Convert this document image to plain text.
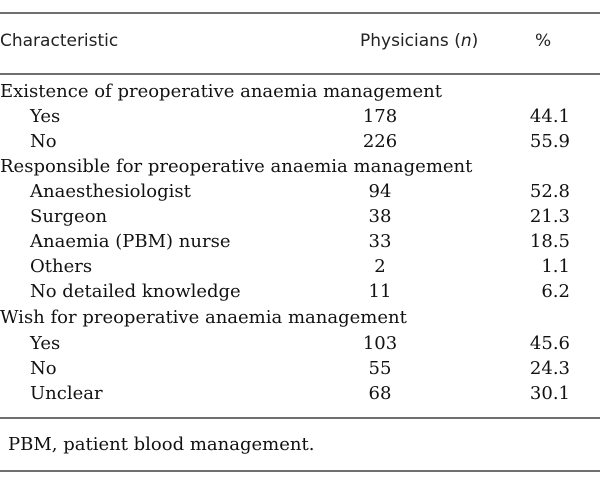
Characteristic	Physicians (n)	%
Existence of preoperative anaemia management
Yes	178	44.1
No	226	55.9
Responsible for preoperative anaemia management
Anaesthesiologist	94	52.8
Surgeon	38	21.3
Anaemia (PBM) nurse	33	18.5
Others	2	1.1
No detailed knowledge	11	6.2
Wish for preoperative anaemia management
Yes	103	45.6
No	55	24.3
Unclear	68	30.1
PBM, patient blood management.
